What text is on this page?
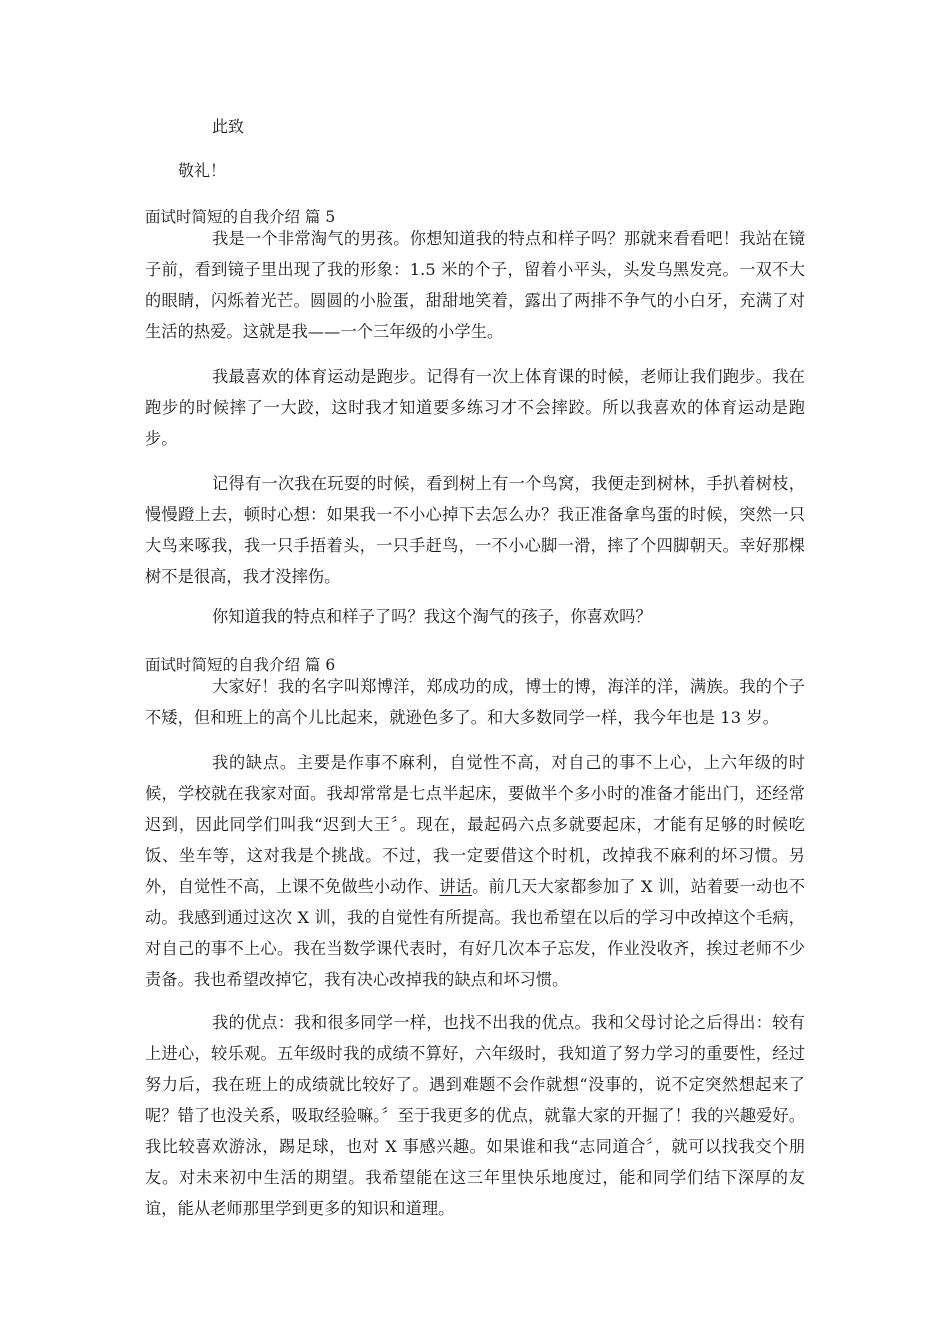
此致
敬礼！
面试时简短的自我介绍 篇 5

我是一个非常淘气的男孩。你想知道我的特点和样子吗？那就来看看吧！我站在镜子前，看到镜子里出现了我的形象：1.5 米的个子，留着小平头，头发乌黑发亮。一双不大的眼睛，闪烁着光芒。圆圆的小脸蛋，甜甜地笑着，露出了两排不争气的小白牙，充满了对生活的热爱。这就是我——一个三年级的小学生。

我最喜欢的体育运动是跑步。记得有一次上体育课的时候，老师让我们跑步。我在跑步的时候摔了一大跤，这时我才知道要多练习才不会摔跤。所以我喜欢的体育运动是跑步。

记得有一次我在玩耍的时候，看到树上有一个鸟窝，我便走到树林，手扒着树枝，慢慢蹬上去，顿时心想：如果我一不小心掉下去怎么办？我正准备拿鸟蛋的时候，突然一只大鸟来啄我，我一只手捂着头，一只手赶鸟，一不小心脚一滑，摔了个四脚朝天。幸好那棵树不是很高，我才没摔伤。

你知道我的特点和样子了吗？我这个淘气的孩子，你喜欢吗？

面试时简短的自我介绍 篇 6

大家好！我的名字叫郑博洋，郑成功的成，博士的博，海洋的洋，满族。我的个子不矮，但和班上的高个儿比起来，就逊色多了。和大多数同学一样，我今年也是 13 岁。

我的缺点。主要是作事不麻利，自觉性不高，对自己的事不上心，上六年级的时候，学校就在我家对面。我却常常是七点半起床，要做半个多小时的准备才能出门，还经常迟到，因此同学们叫我“迟到大王〞。现在，最起码六点多就要起床，才能有足够的时候吃饭、坐车等，这对我是个挑战。不过，我一定要借这个时机，改掉我不麻利的坏习惯。另外，自觉性不高，上课不免做些小动作、讲话。前几天大家都参加了 X 训，站着要一动也不动。我感到通过这次 X 训，我的自觉性有所提高。我也希望在以后的学习中改掉这个毛病，对自己的事不上心。我在当数学课代表时，有好几次本子忘发，作业没收齐，挨过老师不少责备。我也希望改掉它，我有决心改掉我的缺点和坏习惯。

我的优点：我和很多同学一样，也找不出我的优点。我和父母讨论之后得出：较有上进心，较乐观。五年级时我的成绩不算好，六年级时，我知道了努力学习的重要性，经过努力后，我在班上的成绩就比较好了。遇到难题不会作就想“没事的，说不定突然想起来了呢？错了也没关系，吸取经验嘛。〞至于我更多的优点，就靠大家的开掘了！我的兴趣爱好。我比较喜欢游泳，踢足球，也对 X 事感兴趣。如果谁和我“志同道合〞，就可以找我交个朋友。对未来初中生活的期望。我希望能在这三年里快乐地度过，能和同学们结下深厚的友谊，能从老师那里学到更多的知识和道理。
